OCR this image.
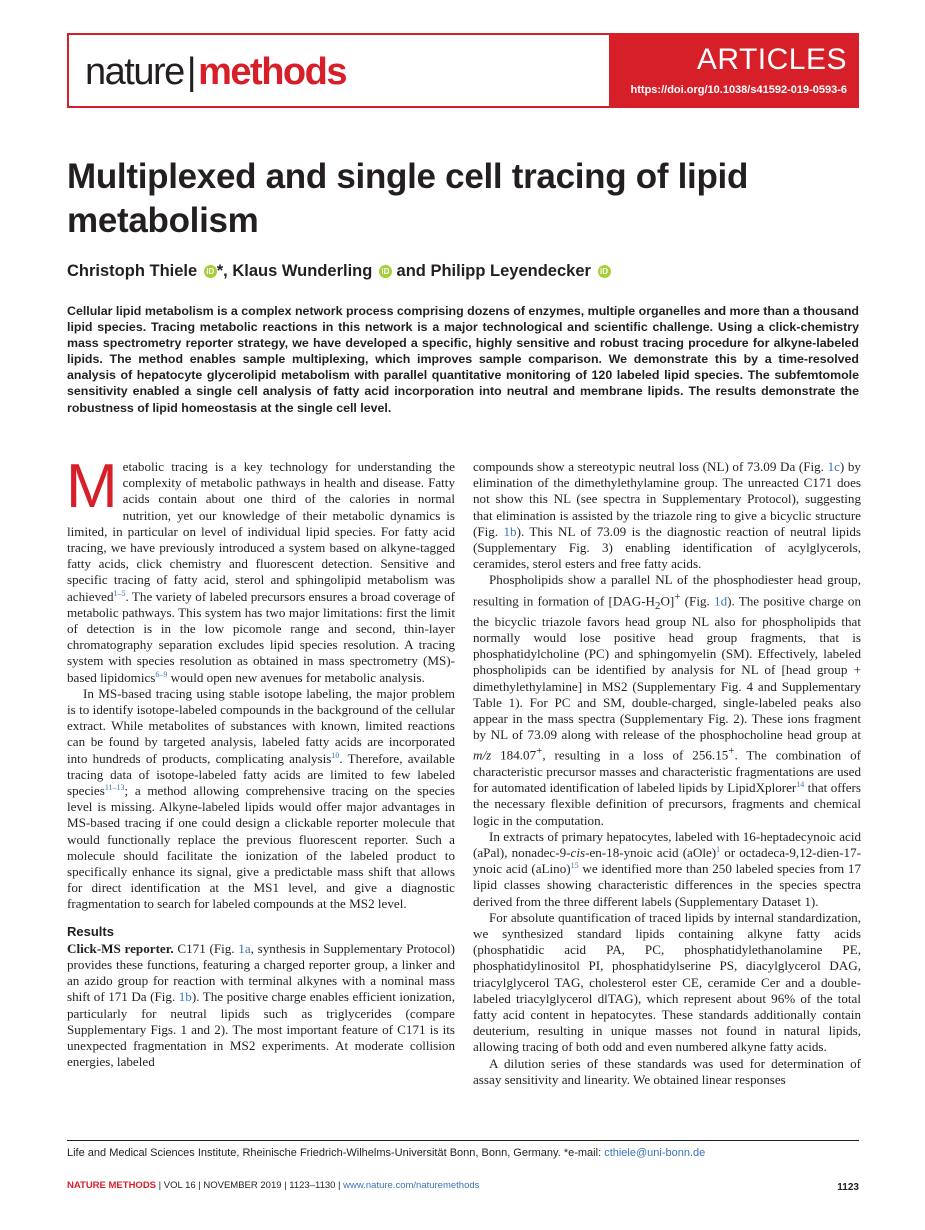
nature|methods	ARTICLES
https://doi.org/10.1038/s41592-019-0593-6
Multiplexed and single cell tracing of lipid metabolism
Christoph Thiele iD *, Klaus Wunderling iD and Philipp Leyendecker iD

Cellular lipid metabolism is a complex network process comprising dozens of enzymes, multiple organelles and more than a thousand lipid species. Tracing metabolic reactions in this network is a major technological and scientific challenge. Using a click-chemistry mass spectrometry reporter strategy, we have developed a specific, highly sensitive and robust tracing procedure for alkyne-labeled lipids. The method enables sample multiplexing, which improves sample comparison. We demonstrate this by a time-resolved analysis of hepatocyte glycerolipid metabolism with parallel quantitative monitoring of 120 labeled lipid species. The subfemtomole sensitivity enabled a single cell analysis of fatty acid incorporation into neutral and membrane lipids. The results demonstrate the robustness of lipid homeostasis at the single cell level.

Metabolic tracing is a key technology for understanding the complexity of metabolic pathways in health and disease. Fatty acids contain about one third of the calories in normal nutrition, yet our knowledge of their metabolic dynamics is limited, in particular on level of individual lipid species. For fatty acid tracing, we have previously introduced a system based on alkyne-tagged fatty acids, click chemistry and fluorescent detection. Sensitive and specific tracing of fatty acid, sterol and sphingolipid metabolism was achieved$^{1-5}$. The variety of labeled precursors ensures a broad coverage of metabolic pathways. This system has two major limitations: first the limit of detection is in the low picomole range and second, thin-layer chromatography separation excludes lipid species resolution. A tracing system with species resolution as obtained in mass spectrometry (MS)-based lipidomics$^{6-9}$ would open new avenues for metabolic analysis.

In MS-based tracing using stable isotope labeling, the major problem is to identify isotope-labeled compounds in the background of the cellular extract. While metabolites of substances with known, limited reactions can be found by targeted analysis, labeled fatty acids are incorporated into hundreds of products, complicating analysis$^{10}$. Therefore, available tracing data of isotope-labeled fatty acids are limited to few labeled species$^{11-13}$; a method allowing comprehensive tracing on the species level is missing. Alkyne-labeled lipids would offer major advantages in MS-based tracing if one could design a clickable reporter molecule that would functionally replace the previous fluorescent reporter. Such a molecule should facilitate the ionization of the labeled product to specifically enhance its signal, give a predictable mass shift that allows for direct identification at the MS1 level, and give a diagnostic fragmentation to search for labeled compounds at the MS2 level.

Results

Click-MS reporter. C171 (Fig. 1a, synthesis in Supplementary Protocol) provides these functions, featuring a charged reporter group, a linker and an azido group for reaction with terminal alkynes with a nominal mass shift of 171 Da (Fig. 1b). The positive charge enables efficient ionization, particularly for neutral lipids such as triglycerides (compare Supplementary Figs. 1 and 2). The most important feature of C171 is its unexpected fragmentation in MS2 experiments. At moderate collision energies, labeled

compounds show a stereotypic neutral loss (NL) of 73.09 Da (Fig. 1c) by elimination of the dimethylethylamine group. The unreacted C171 does not show this NL (see spectra in Supplementary Protocol), suggesting that elimination is assisted by the triazole ring to give a bicyclic structure (Fig. 1b). This NL of 73.09 is the diagnostic reaction of neutral lipids (Supplementary Fig. 3) enabling identification of acylglycerols, ceramides, sterol esters and free fatty acids.

Phospholipids show a parallel NL of the phosphodiester head group, resulting in formation of $[DAG-H_2O]^+$ (Fig. 1d). The positive charge on the bicyclic triazole favors head group NL also for phospholipids that normally would lose positive head group fragments, that is phosphatidylcholine (PC) and sphingomyelin (SM). Effectively, labeled phospholipids can be identified by analysis for NL of [head group + dimethylethylamine] in MS2 (Supplementary Fig. 4 and Supplementary Table 1). For PC and SM, double-charged, single-labeled peaks also appear in the mass spectra (Supplementary Fig. 2). These ions fragment by NL of 73.09 along with release of the phosphocholine head group at m/z 184.07+, resulting in a loss of 256.15+. The combination of characteristic precursor masses and characteristic fragmentations are used for automated identification of labeled lipids by LipidXplorer$^{14}$ that offers the necessary flexible definition of precursors, fragments and chemical logic in the computation.

In extracts of primary hepatocytes, labeled with 16-heptadecynoic acid (aPal), nonadec-9-cis-en-18-ynoic acid (aOle)$^1$ or octadeca-9,12-dien-17-ynoic acid (aLino)$^{15}$ we identified more than 250 labeled species from 17 lipid classes showing characteristic differences in the species spectra derived from the three different labels (Supplementary Dataset 1).

For absolute quantification of traced lipids by internal standardization, we synthesized standard lipids containing alkyne fatty acids (phosphatidic acid PA, PC, phosphatidylethanolamine PE, phosphatidylinositol PI, phosphatidylserine PS, diacylglycerol DAG, triacylglycerol TAG, cholesterol ester CE, ceramide Cer and a double-labeled triacylglycerol dlTAG), which represent about 96% of the total fatty acid content in hepatocytes. These standards additionally contain deuterium, resulting in unique masses not found in natural lipids, allowing tracing of both odd and even numbered alkyne fatty acids.

A dilution series of these standards was used for determination of assay sensitivity and linearity. We obtained linear responses

Life and Medical Sciences Institute, Rheinische Friedrich-Wilhelms-Universität Bonn, Bonn, Germany. *e-mail: cthiele@uni-bonn.de
NATURE METHODS | VOL 16 | NOVEMBER 2019 | 1123–1130 | www.nature.com/naturemethods	1123
